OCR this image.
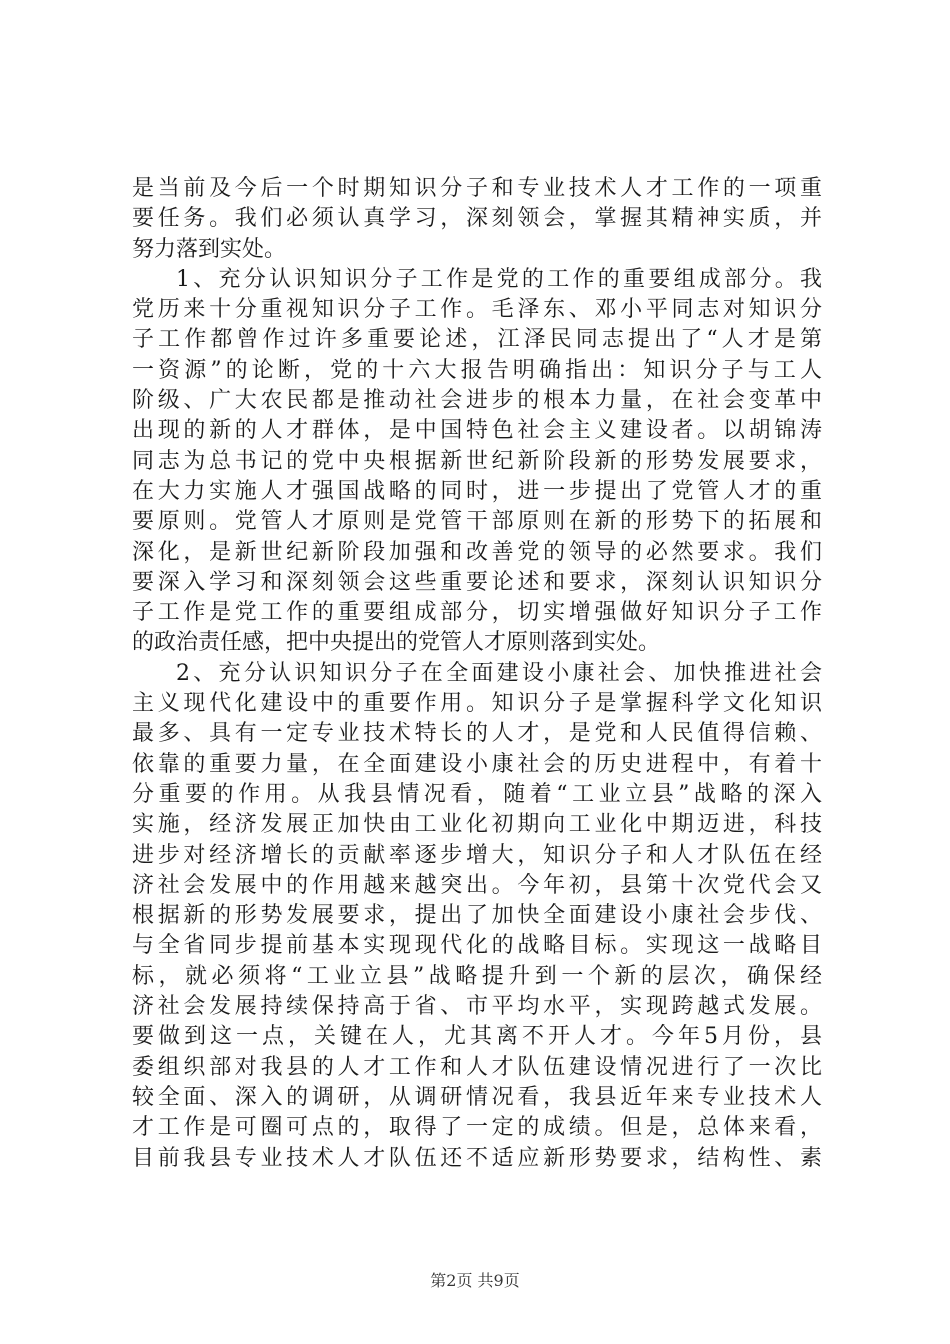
是当前及今后一个时期知识分子和专业技术人才工作的一项重
要任务。我们必须认真学习，深刻领会，掌握其精神实质，并
努力落到实处。
1、充分认识知识分子工作是党的工作的重要组成部分。我
党历来十分重视知识分子工作。毛泽东、邓小平同志对知识分
子工作都曾作过许多重要论述，江泽民同志提出了“人才是第
一资源”的论断，党的十六大报告明确指出：知识分子与工人
阶级、广大农民都是推动社会进步的根本力量，在社会变革中
出现的新的人才群体，是中国特色社会主义建设者。以胡锦涛
同志为总书记的党中央根据新世纪新阶段新的形势发展要求，
在大力实施人才强国战略的同时，进一步提出了党管人才的重
要原则。党管人才原则是党管干部原则在新的形势下的拓展和
深化，是新世纪新阶段加强和改善党的领导的必然要求。我们
要深入学习和深刻领会这些重要论述和要求，深刻认识知识分
子工作是党工作的重要组成部分，切实增强做好知识分子工作
的政治责任感，把中央提出的党管人才原则落到实处。
2、充分认识知识分子在全面建设小康社会、加快推进社会
主义现代化建设中的重要作用。知识分子是掌握科学文化知识
最多、具有一定专业技术特长的人才，是党和人民值得信赖、
依靠的重要力量，在全面建设小康社会的历史进程中，有着十
分重要的作用。从我县情况看，随着“工业立县”战略的深入
实施，经济发展正加快由工业化初期向工业化中期迈进，科技
进步对经济增长的贡献率逐步增大，知识分子和人才队伍在经
济社会发展中的作用越来越突出。今年初，县第十次党代会又
根据新的形势发展要求，提出了加快全面建设小康社会步伐、
与全省同步提前基本实现现代化的战略目标。实现这一战略目
标，就必须将“工业立县”战略提升到一个新的层次，确保经
济社会发展持续保持高于省、市平均水平，实现跨越式发展。
要做到这一点，关键在人，尤其离不开人才。今年5月份，县
委组织部对我县的人才工作和人才队伍建设情况进行了一次比
较全面、深入的调研，从调研情况看，我县近年来专业技术人
才工作是可圈可点的，取得了一定的成绩。但是，总体来看，
目前我县专业技术人才队伍还不适应新形势要求，结构性、素
第2页 共9页
